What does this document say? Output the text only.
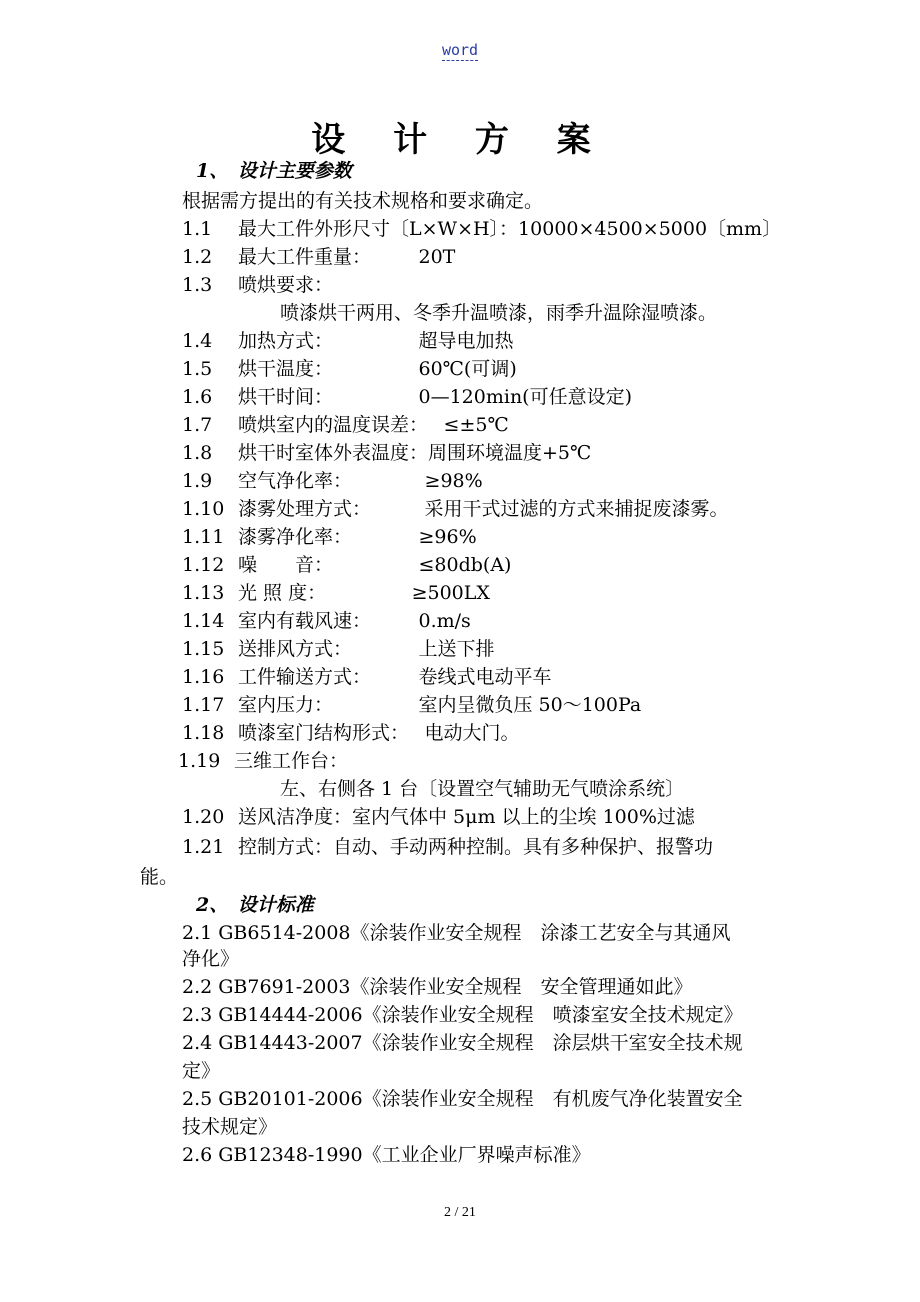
word
设 计 方 案
1、　设计主要参数
根据需方提出的有关技术规格和要求确定。
1.1 最大工件外形尺寸〔L×W×H〕：10000×4500×5000〔mm〕
1.2 最大工件重量：　　　20T
1.3 喷烘要求：
喷漆烘干两用、冬季升温喷漆，雨季升温除湿喷漆。
1.4 加热方式：　　　　　超导电加热
1.5 烘干温度：　　　　　60℃(可调)
1.6 烘干时间：　　　　　0—120min(可任意设定)
1.7 喷烘室内的温度误差：　 ≤±5℃
1.8 烘干时室体外表温度：周围环境温度+5℃
1.9 空气净化率：　　　　 ≥98%
1.10 漆雾处理方式：　　　 采用干式过滤的方式来捕捉废漆雾。
1.11 漆雾净化率：　　　　≥96%
1.12 噪　　音：　　　　　≤80db(A)
1.13 光 照 度：　　　　　≥500LX
1.14 室内有载风速：　　　0.m/s
1.15 送排风方式：　　　　上送下排
1.16 工件输送方式：　　　卷线式电动平车
1.17 室内压力：　　　　　室内呈微负压 50～100Pa
1.18 喷漆室门结构形式：　 电动大门。
1.19 三维工作台：
左、右侧各 1 台〔设置空气辅助无气喷涂系统〕
1.20 送风洁净度：室内气体中 5μm 以上的尘埃 100%过滤
1.21 控制方式：自动、手动两种控制。具有多种保护、报警功
能。
2、　设计标准
2.1 GB6514-2008《涂装作业安全规程　涂漆工艺安全与其通风
净化》
2.2 GB7691-2003《涂装作业安全规程　安全管理通如此》
2.3 GB14444-2006《涂装作业安全规程　喷漆室安全技术规定》
2.4 GB14443-2007《涂装作业安全规程　涂层烘干室安全技术规
定》
2.5 GB20101-2006《涂装作业安全规程　有机废气净化装置安全
技术规定》
2.6 GB12348-1990《工业企业厂界噪声标准》
2 / 21
